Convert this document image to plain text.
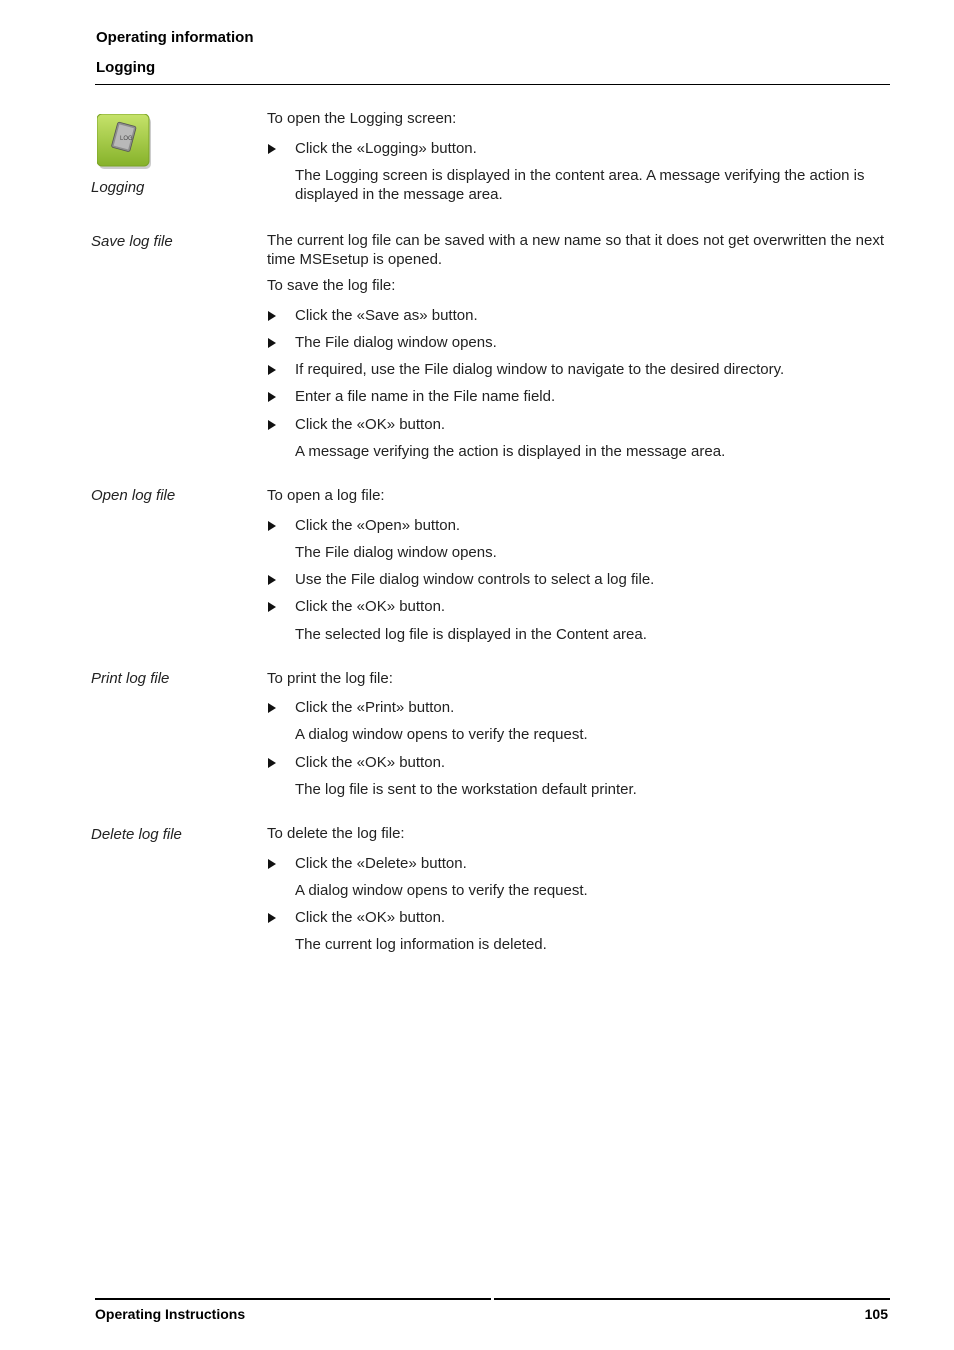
Operating information
Logging
LOG
Logging
To open the Logging screen:
Click the «Logging» button.
The Logging screen is displayed in the content area. A message verifying the action is displayed in the message area.
Save log file	The current log file can be saved with a new name so that it does not get overwritten the next time MSEsetup is opened.
To save the log file:
Click the «Save as» button.
The File dialog window opens.
If required, use the File dialog window to navigate to the desired directory.
Enter a file name in the File name field.
Click the «OK» button.
A message verifying the action is displayed in the message area.
Open log file	To open a log file:
Click the «Open» button.
The File dialog window opens.
Use the File dialog window controls to select a log file.
Click the «OK» button.
The selected log file is displayed in the Content area.
Print log file	To print the log file:
Click the «Print» button.
A dialog window opens to verify the request.
Click the «OK» button.
The log file is sent to the workstation default printer.
Delete log file	To delete the log file:
Click the «Delete» button.
A dialog window opens to verify the request.
Click the «OK» button.
The current log information is deleted.
Operating Instructions	105
